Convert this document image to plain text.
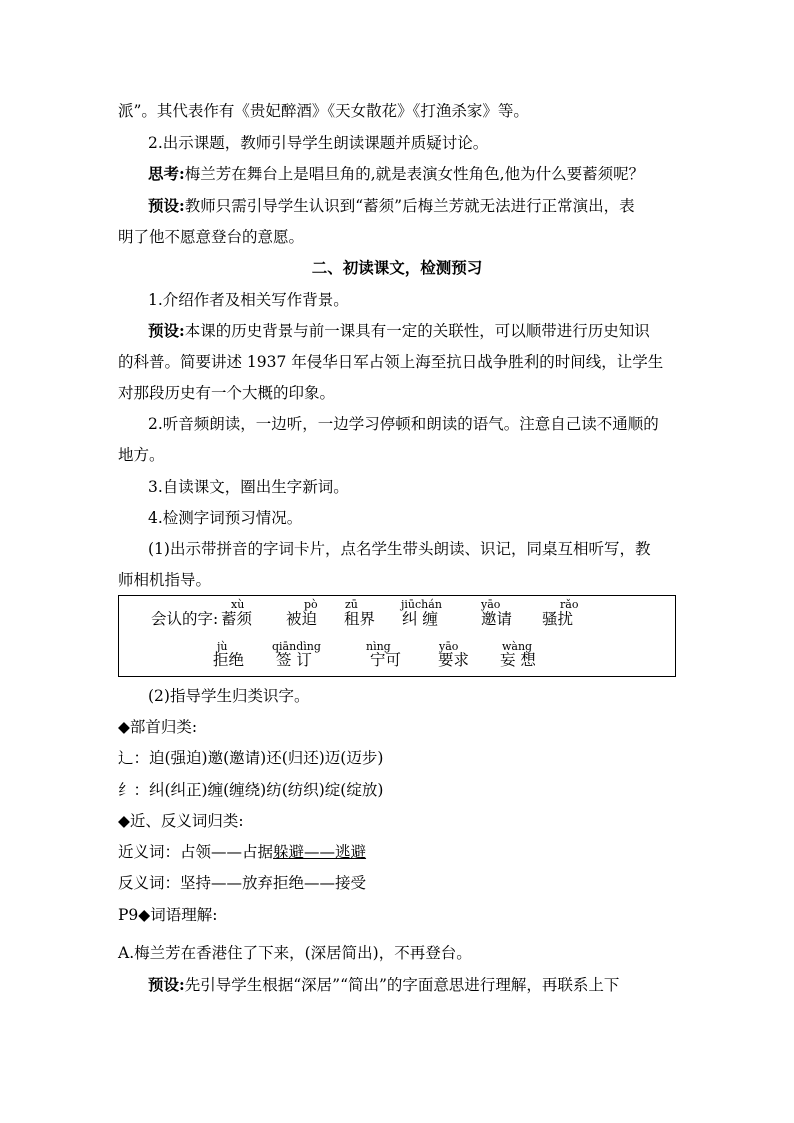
派”。其代表作有《贵妃醉酒》《天女散花》《打渔杀家》等。
2.出示课题，教师引导学生朗读课题并质疑讨论。
思考:梅兰芳在舞台上是唱旦角的,就是表演女性角色,他为什么要蓄须呢？
预设:教师只需引导学生认识到“蓄须”后梅兰芳就无法进行正常演出，表
明了他不愿意登台的意愿。
二、初读课文，检测预习
1.介绍作者及相关写作背景。
预设:本课的历史背景与前一课具有一定的关联性，可以顺带进行历史知识
的科普。简要讲述 1937 年侵华日军占领上海至抗日战争胜利的时间线，让学生
对那段历史有一个大概的印象。
2.听音频朗读，一边听，一边学习停顿和朗读的语气。注意自己读不通顺的
地方。
3.自读课文，圈出生字新词。
4.检测字词预习情况。
(1)出示带拼音的字词卡片，点名学生带头朗读、识记，同桌互相听写，教
师相机指导。
会认的字:
xù
蓄须
pò
被迫
zū
租界
jiūchán
纠 缠
yāo
邀请
rǎo
骚扰
jù
拒绝
qiāndìng
签 订
nìng
宁可
yāo
要求
wàng
妄 想
(2)指导学生归类识字。
◆部首归类:
辶：迫(强迫)邀(邀请)还(归还)迈(迈步)
纟：纠(纠正)缠(缠绕)纺(纺织)绽(绽放)
◆近、反义词归类:
近义词：占领——占据躲避——逃避
反义词：坚持——放弃拒绝——接受
P9◆词语理解:
A.梅兰芳在香港住了下来，(深居简出)，不再登台。
预设:先引导学生根据“深居”“简出”的字面意思进行理解，再联系上下
